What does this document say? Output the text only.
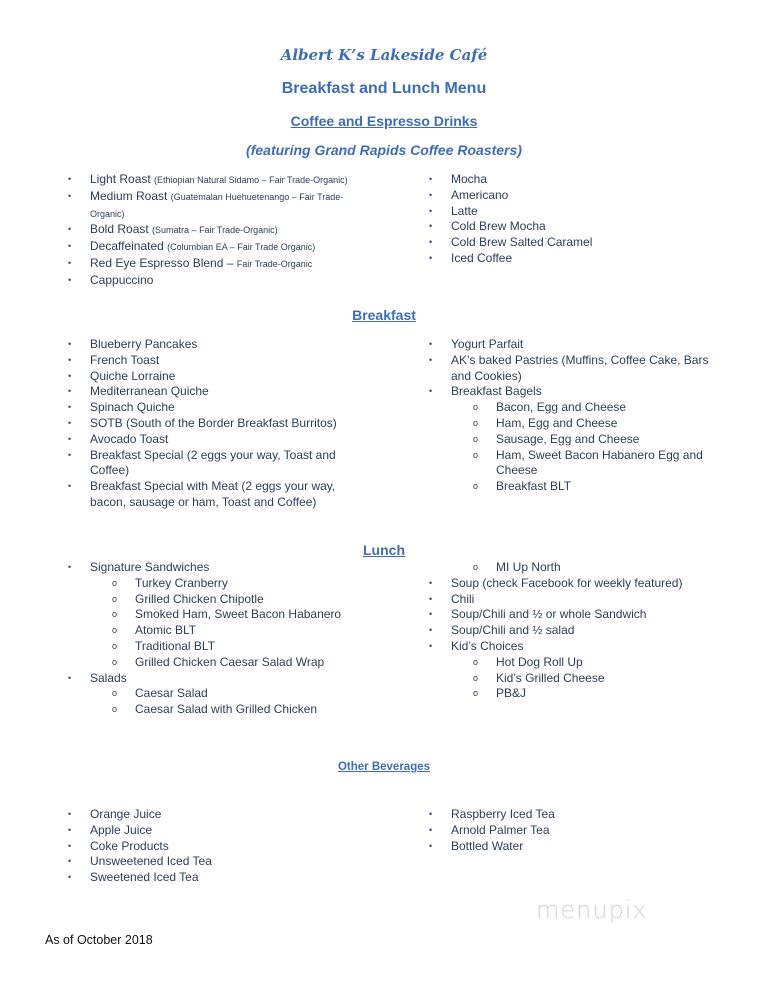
Albert K’s Lakeside Café
Breakfast and Lunch Menu
Coffee and Espresso Drinks
(featuring Grand Rapids Coffee Roasters)
• Light Roast (Ethiopian Natural Sidamo – Fair Trade-Organic)
• Medium Roast (Guatemalan Huehuetenango – Fair Trade-Organic)
• Bold Roast (Sumatra – Fair Trade-Organic)
• Decaffeinated (Columbian EA – Fair Trade Organic)
• Red Eye Espresso Blend – Fair Trade-Organic
• Cappuccino
• Mocha
• Americano
• Latte
• Cold Brew Mocha
• Cold Brew Salted Caramel
• Iced Coffee
Breakfast
• Blueberry Pancakes
• French Toast
• Quiche Lorraine
• Mediterranean Quiche
• Spinach Quiche
• SOTB (South of the Border Breakfast Burritos)
• Avocado Toast
• Breakfast Special (2 eggs your way, Toast and Coffee)
• Breakfast Special with Meat (2 eggs your way, bacon, sausage or ham, Toast and Coffee)
• Yogurt Parfait
• AK’s baked Pastries (Muffins, Coffee Cake, Bars and Cookies)
• Breakfast Bagels
o Bacon, Egg and Cheese
o Ham, Egg and Cheese
o Sausage, Egg and Cheese
o Ham, Sweet Bacon Habanero Egg and Cheese
o Breakfast BLT
Lunch
• Signature Sandwiches
o Turkey Cranberry
o Grilled Chicken Chipotle
o Smoked Ham, Sweet Bacon Habanero
o Atomic BLT
o Traditional BLT
o Grilled Chicken Caesar Salad Wrap
• Salads
o Caesar Salad
o Caesar Salad with Grilled Chicken
o MI Up North
• Soup (check Facebook for weekly featured)
• Chili
• Soup/Chili and ½ or whole Sandwich
• Soup/Chili and ½ salad
• Kid’s Choices
o Hot Dog Roll Up
o Kid’s Grilled Cheese
o PB&J
Other Beverages
• Orange Juice
• Apple Juice
• Coke Products
• Unsweetened Iced Tea
• Sweetened Iced Tea
• Raspberry Iced Tea
• Arnold Palmer Tea
• Bottled Water
menupix
As of October 2018
